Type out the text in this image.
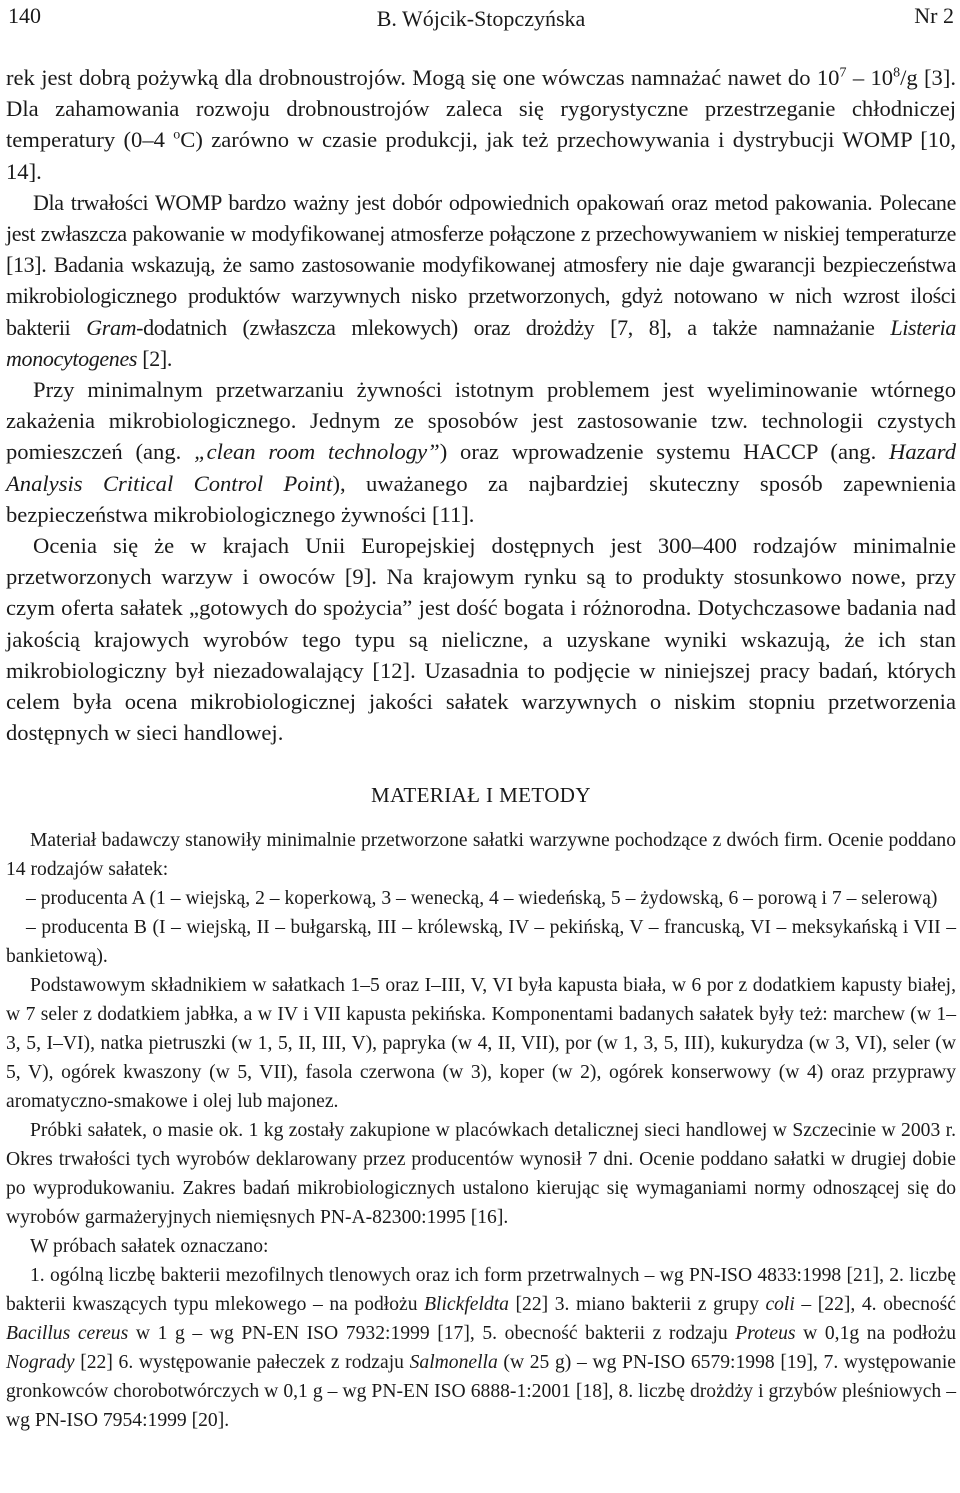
140	B. Wójcik-Stopczyńska	Nr 2

rek jest dobrą pożywką dla drobnoustrojów. Mogą się one wówczas namnażać nawet do $10^7 - 10^8/g$ [3]. Dla zahamowania rozwoju drobnoustrojów zaleca się rygorystyczne przestrzeganie chłodniczej temperatury (0–4 $^o$C) zarówno w czasie produkcji, jak też przechowywania i dystrybucji WOMP [10, 14].

Dla trwałości WOMP bardzo ważny jest dobór odpowiednich opakowań oraz metod pakowania. Polecane jest zwłaszcza pakowanie w modyfikowanej atmosferze połączone z przechowywaniem w niskiej temperaturze [13]. Badania wskazują, że samo zastosowanie modyfikowanej atmosfery nie daje gwarancji bezpieczeństwa mikrobiologicznego produktów warzywnych nisko przetworzonych, gdyż notowano w nich wzrost ilości bakterii Gram-dodatnich (zwłaszcza mlekowych) oraz drożdży [7, 8], a także namnażanie Listeria monocytogenes [2].

Przy minimalnym przetwarzaniu żywności istotnym problemem jest wyeliminowanie wtórnego zakażenia mikrobiologicznego. Jednym ze sposobów jest zastosowanie tzw. technologii czystych pomieszczeń (ang. „clean room technology”) oraz wprowadzenie systemu HACCP (ang. Hazard Analysis Critical Control Point), uważanego za najbardziej skuteczny sposób zapewnienia bezpieczeństwa mikrobiologicznego żywności [11].

Ocenia się że w krajach Unii Europejskiej dostępnych jest 300–400 rodzajów minimalnie przetworzonych warzyw i owoców [9]. Na krajowym rynku są to produkty stosunkowo nowe, przy czym oferta sałatek „gotowych do spożycia” jest dość bogata i różnorodna. Dotychczasowe badania nad jakością krajowych wyrobów tego typu są nieliczne, a uzyskane wyniki wskazują, że ich stan mikrobiologiczny był niezadowalający [12]. Uzasadnia to podjęcie w niniejszej pracy badań, których celem była ocena mikrobiologicznej jakości sałatek warzywnych o niskim stopniu przetworzenia dostępnych w sieci handlowej.

MATERIAŁ I METODY

Materiał badawczy stanowiły minimalnie przetworzone sałatki warzywne pochodzące z dwóch firm. Ocenie poddano 14 rodzajów sałatek:

– producenta A (1 – wiejską, 2 – koperkową, 3 – wenecką, 4 – wiedeńską, 5 – żydowską, 6 – porową i 7 – selerową)

– producenta B (I – wiejską, II – bułgarską, III – królewską, IV – pekińską, V – francuską, VI – meksykańską i VII – bankietową).

Podstawowym składnikiem w sałatkach 1–5 oraz I–III, V, VI była kapusta biała, w 6 por z dodatkiem kapusty białej, w 7 seler z dodatkiem jabłka, a w IV i VII kapusta pekińska. Komponentami badanych sałatek były też: marchew (w 1–3, 5, I–VI), natka pietruszki (w 1, 5, II, III, V), papryka (w 4, II, VII), por (w 1, 3, 5, III), kukurydza (w 3, VI), seler (w 5, V), ogórek kwaszony (w 5, VII), fasola czerwona (w 3), koper (w 2), ogórek konserwowy (w 4) oraz przyprawy aromatyczno-smakowe i olej lub majonez.

Próbki sałatek, o masie ok. 1 kg zostały zakupione w placówkach detalicznej sieci handlowej w Szczecinie w 2003 r. Okres trwałości tych wyrobów deklarowany przez producentów wynosił 7 dni. Ocenie poddano sałatki w drugiej dobie po wyprodukowaniu. Zakres badań mikrobiologicznych ustalono kierując się wymaganiami normy odnoszącej się do wyrobów garmażeryjnych niemięsnych PN-A-82300:1995 [16].

W próbach sałatek oznaczano:

1. ogólną liczbę bakterii mezofilnych tlenowych oraz ich form przetrwalnych – wg PN-ISO 4833:1998 [21], 2. liczbę bakterii kwaszących typu mlekowego – na podłożu Blickfeldta [22] 3. miano bakterii z grupy coli – [22], 4. obecność Bacillus cereus w 1 g – wg PN-EN ISO 7932:1999 [17], 5. obecność bakterii z rodzaju Proteus w 0,1g na podłożu Nogrady [22] 6. występowanie pałeczek z rodzaju Salmonella (w 25 g) – wg PN-ISO 6579:1998 [19], 7. występowanie gronkowców chorobotwórczych w 0,1 g – wg PN-EN ISO 6888-1:2001 [18], 8. liczbę drożdży i grzybów pleśniowych – wg PN-ISO 7954:1999 [20].
